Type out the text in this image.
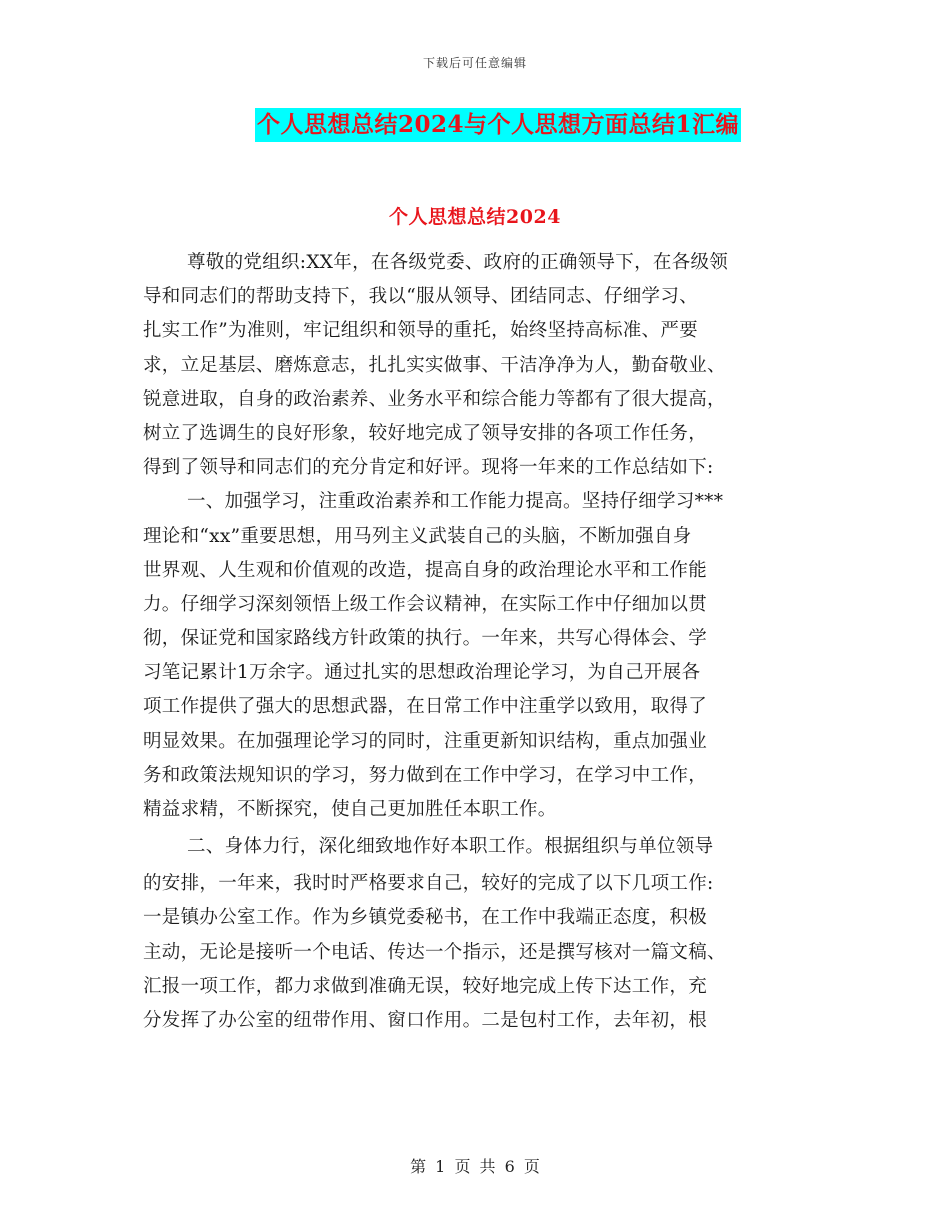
下载后可任意编辑
个人思想总结2024与个人思想方面总结1汇编
个人思想总结2024
尊敬的党组织:XX年，在各级党委、政府的正确领导下，在各级领
导和同志们的帮助支持下，我以“服从领导、团结同志、仔细学习、
扎实工作”为准则，牢记组织和领导的重托，始终坚持高标准、严要
求，立足基层、磨炼意志，扎扎实实做事、干洁净净为人，勤奋敬业、
锐意进取，自身的政治素养、业务水平和综合能力等都有了很大提高，
树立了选调生的良好形象，较好地完成了领导安排的各项工作任务，
得到了领导和同志们的充分肯定和好评。现将一年来的工作总结如下:
一、加强学习，注重政治素养和工作能力提高。坚持仔细学习***
理论和“xx”重要思想，用马列主义武装自己的头脑，不断加强自身
世界观、人生观和价值观的改造，提高自身的政治理论水平和工作能
力。仔细学习深刻领悟上级工作会议精神，在实际工作中仔细加以贯
彻，保证党和国家路线方针政策的执行。一年来，共写心得体会、学
习笔记累计1万余字。通过扎实的思想政治理论学习，为自己开展各
项工作提供了强大的思想武器，在日常工作中注重学以致用，取得了
明显效果。在加强理论学习的同时，注重更新知识结构，重点加强业
务和政策法规知识的学习，努力做到在工作中学习，在学习中工作，
精益求精，不断探究，使自己更加胜任本职工作。
二、身体力行，深化细致地作好本职工作。根据组织与单位领导
的安排，一年来，我时时严格要求自己，较好的完成了以下几项工作:
一是镇办公室工作。作为乡镇党委秘书，在工作中我端正态度，积极
主动，无论是接听一个电话、传达一个指示，还是撰写核对一篇文稿、
汇报一项工作，都力求做到准确无误，较好地完成上传下达工作，充
分发挥了办公室的纽带作用、窗口作用。二是包村工作，去年初，根
第 1 页 共 6 页
